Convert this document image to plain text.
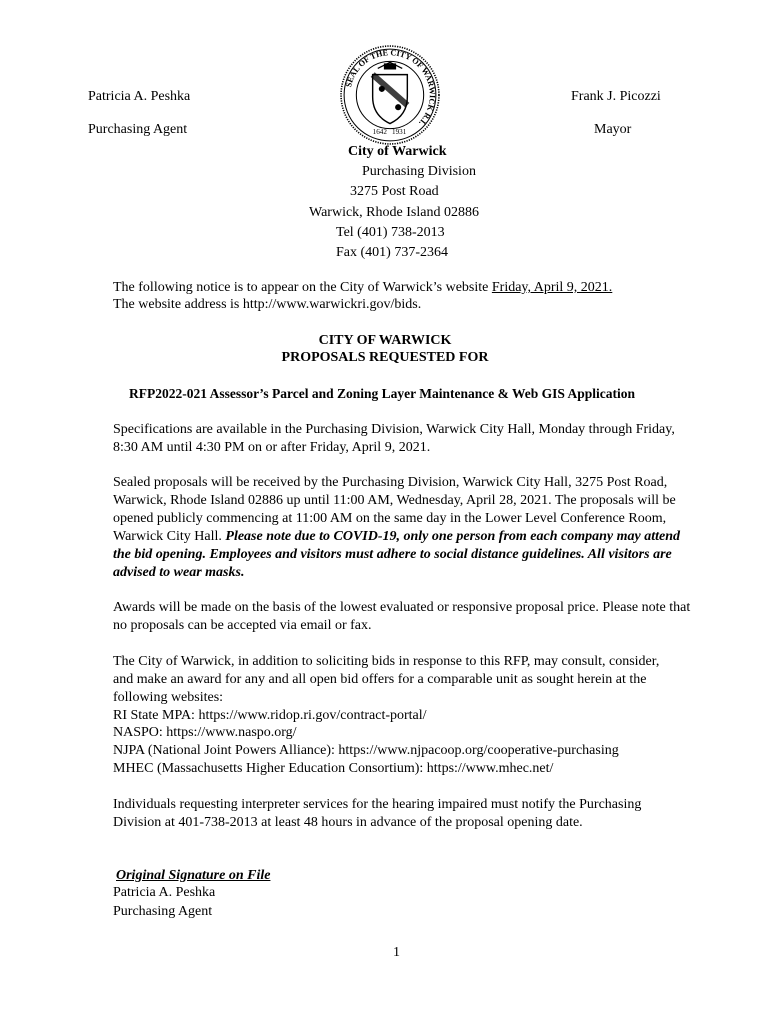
Patricia A. Peshka
Purchasing Agent
Frank J. Picozzi
Mayor
SEAL OF THE CITY OF WARWICK R.I.
1642 1931
City of Warwick
Purchasing Division
3275 Post Road
Warwick, Rhode Island 02886
Tel (401) 738-2013
Fax (401) 737-2364
The following notice is to appear on the City of Warwick’s website Friday, April 9, 2021.
The website address is http://www.warwickri.gov/bids.
CITY OF WARWICK
PROPOSALS REQUESTED FOR
RFP2022-021 Assessor’s Parcel and Zoning Layer Maintenance & Web GIS Application
Specifications are available in the Purchasing Division, Warwick City Hall, Monday through Friday, 8:30 AM until 4:30 PM on or after Friday, April 9, 2021.
Sealed proposals will be received by the Purchasing Division, Warwick City Hall, 3275 Post Road, Warwick, Rhode Island 02886 up until 11:00 AM, Wednesday, April 28, 2021. The proposals will be opened publicly commencing at 11:00 AM on the same day in the Lower Level Conference Room, Warwick City Hall. Please note due to COVID-19, only one person from each company may attend the bid opening. Employees and visitors must adhere to social distance guidelines. All visitors are advised to wear masks.
Awards will be made on the basis of the lowest evaluated or responsive proposal price. Please note that no proposals can be accepted via email or fax.
The City of Warwick, in addition to soliciting bids in response to this RFP, may consult, consider, and make an award for any and all open bid offers for a comparable unit as sought herein at the following websites:
RI State MPA: https://www.ridop.ri.gov/contract-portal/
NASPO: https://www.naspo.org/
NJPA (National Joint Powers Alliance): https://www.njpacoop.org/cooperative-purchasing
MHEC (Massachusetts Higher Education Consortium): https://www.mhec.net/
Individuals requesting interpreter services for the hearing impaired must notify the Purchasing Division at 401-738-2013 at least 48 hours in advance of the proposal opening date.
Original Signature on File
Patricia A. Peshka
Purchasing Agent
1
